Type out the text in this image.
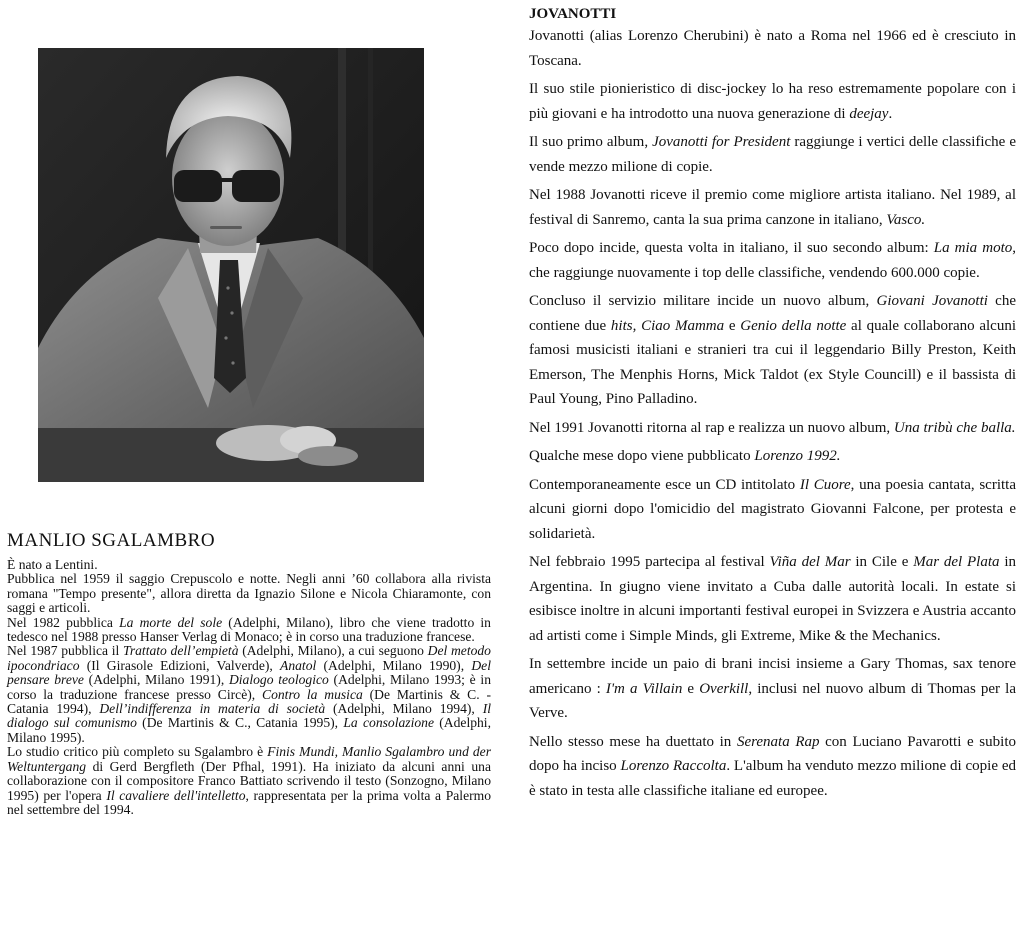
MANLIO SGALAMBRO

È nato a Lentini.

Pubblica nel 1959 il saggio Crepuscolo e notte. Negli anni ’60 collabora alla rivista romana "Tempo presente", allora diretta da Ignazio Silone e Nicola Chiaramonte, con saggi e articoli.

Nel 1982 pubblica La morte del sole (Adelphi, Milano), libro che viene tradotto in tedesco nel 1988 presso Hanser Verlag di Monaco; è in corso una traduzione francese.

Nel 1987 pubblica il Trattato dell’empietà (Adelphi, Milano), a cui seguono Del metodo ipocondriaco (Il Girasole Edizioni, Valverde), Anatol (Adelphi, Milano 1990), Del pensare breve (Adelphi, Milano 1991), Dialogo teologico (Adelphi, Milano 1993; è in corso la traduzione francese presso Circè), Contro la musica (De Martinis & C. - Catania 1994), Dell’indifferenza in materia di società (Adelphi, Milano 1994), Il dialogo sul comunismo (De Martinis & C., Catania 1995), La consolazione (Adelphi, Milano 1995).

Lo studio critico più completo su Sgalambro è Finis Mundi, Manlio Sgalambro und der Weltuntergang di Gerd Bergfleth (Der Pfhal, 1991). Ha iniziato da alcuni anni una collaborazione con il compositore Franco Battiato scrivendo il testo (Sonzogno, Milano 1995) per l'opera Il cavaliere dell'intelletto, rappresentata per la prima volta a Palermo nel settembre del 1994.

JOVANOTTI

Jovanotti (alias Lorenzo Cherubini) è nato a Roma nel 1966 ed è cresciuto in Toscana.

Il suo stile pionieristico di disc-jockey lo ha reso estremamente popolare con i più giovani e ha introdotto una nuova generazione di deejay.

Il suo primo album, Jovanotti for President raggiunge i vertici delle classifiche e vende mezzo milione di copie.

Nel 1988 Jovanotti riceve il premio come migliore artista italiano. Nel 1989, al festival di Sanremo, canta la sua prima canzone in italiano, Vasco.

Poco dopo incide, questa volta in italiano, il suo secondo album: La mia moto, che raggiunge nuovamente i top delle classifiche, vendendo 600.000 copie.

Concluso il servizio militare incide un nuovo album, Giovani Jovanotti che contiene due hits, Ciao Mamma e Genio della notte al quale collaborano alcuni famosi musicisti italiani e stranieri tra cui il leggendario Billy Preston, Keith Emerson, The Menphis Horns, Mick Taldot (ex Style Councill) e il bassista di Paul Young, Pino Palladino.

Nel 1991 Jovanotti ritorna al rap e realizza un nuovo album, Una tribù che balla.

Qualche mese dopo viene pubblicato Lorenzo 1992.

Contemporaneamente esce un CD intitolato Il Cuore, una poesia cantata, scritta alcuni giorni dopo l'omicidio del magistrato Giovanni Falcone, per protesta e solidarietà.

Nel febbraio 1995 partecipa al festival Viña del Mar in Cile e Mar del Plata in Argentina. In giugno viene invitato a Cuba dalle autorità locali. In estate si esibisce inoltre in alcuni importanti festival europei in Svizzera e Austria accanto ad artisti come i Simple Minds, gli Extreme, Mike & the Mechanics.

In settembre incide un paio di brani incisi insieme a Gary Thomas, sax tenore americano : I'm a Villain e Overkill, inclusi nel nuovo album di Thomas per la Verve.

Nello stesso mese ha duettato in Serenata Rap con Luciano Pavarotti e subito dopo ha inciso Lorenzo Raccolta. L'album ha venduto mezzo milione di copie ed è stato in testa alle classifiche italiane ed europee.
